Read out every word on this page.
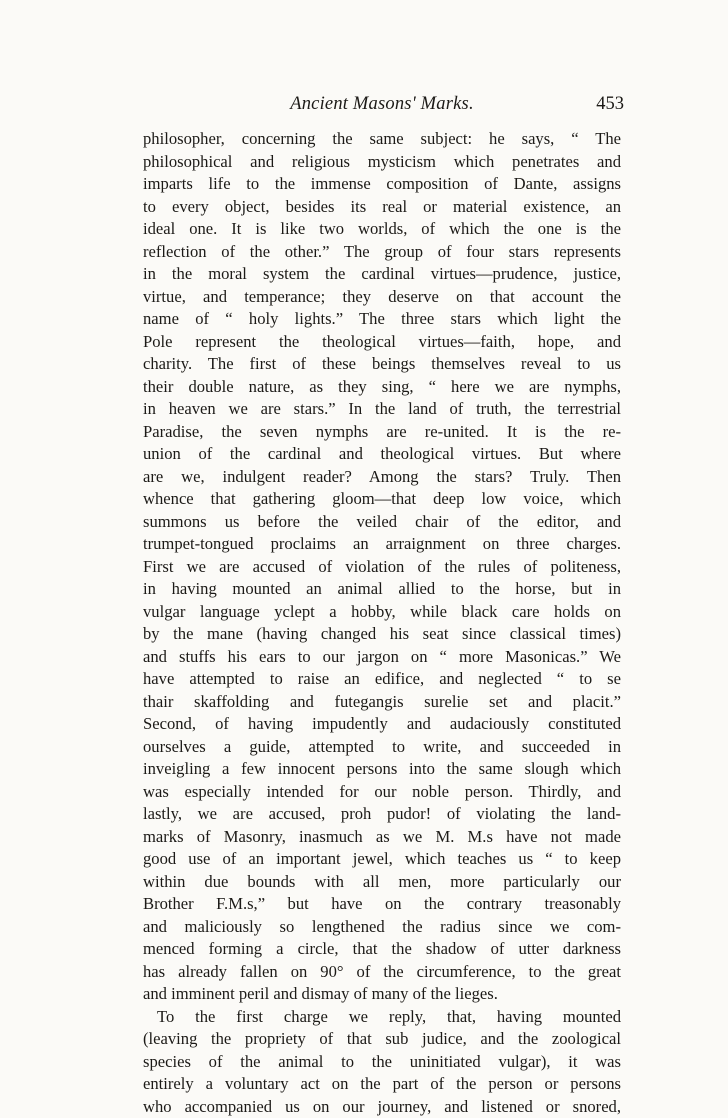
Ancient Masons' Marks.	453
philosopher, concerning the same subject: he says, “ The
philosophical and religious mysticism which penetrates and
imparts life to the immense composition of Dante, assigns
to every object, besides its real or material existence, an
ideal one. It is like two worlds, of which the one is the
reflection of the other.” The group of four stars represents
in the moral system the cardinal virtues—prudence, justice,
virtue, and temperance; they deserve on that account the
name of “ holy lights.” The three stars which light the
Pole represent the theological virtues—faith, hope, and
charity. The first of these beings themselves reveal to us
their double nature, as they sing, “ here we are nymphs,
in heaven we are stars.” In the land of truth, the terrestrial
Paradise, the seven nymphs are re-united. It is the re-
union of the cardinal and theological virtues. But where
are we, indulgent reader? Among the stars? Truly. Then
whence that gathering gloom—that deep low voice, which
summons us before the veiled chair of the editor, and
trumpet-tongued proclaims an arraignment on three charges.
First we are accused of violation of the rules of politeness,
in having mounted an animal allied to the horse, but in
vulgar language yclept a hobby, while black care holds on
by the mane (having changed his seat since classical times)
and stuffs his ears to our jargon on “ more Masonicas.” We
have attempted to raise an edifice, and neglected “ to se
thair skaffolding and futegangis surelie set and placit.”
Second, of having impudently and audaciously constituted
ourselves a guide, attempted to write, and succeeded in
inveigling a few innocent persons into the same slough which
was especially intended for our noble person. Thirdly, and
lastly, we are accused, proh pudor! of violating the land-
marks of Masonry, inasmuch as we M. M.s have not made
good use of an important jewel, which teaches us “ to keep
within due bounds with all men, more particularly our
Brother F.M.s,” but have on the contrary treasonably
and maliciously so lengthened the radius since we com-
menced forming a circle, that the shadow of utter darkness
has already fallen on 90° of the circumference, to the great
and imminent peril and dismay of many of the lieges.
To the first charge we reply, that, having mounted
(leaving the propriety of that sub judice, and the zoological
species of the animal to the uninitiated vulgar), it was
entirely a voluntary act on the part of the person or persons
who accompanied us on our journey, and listened or snored,
